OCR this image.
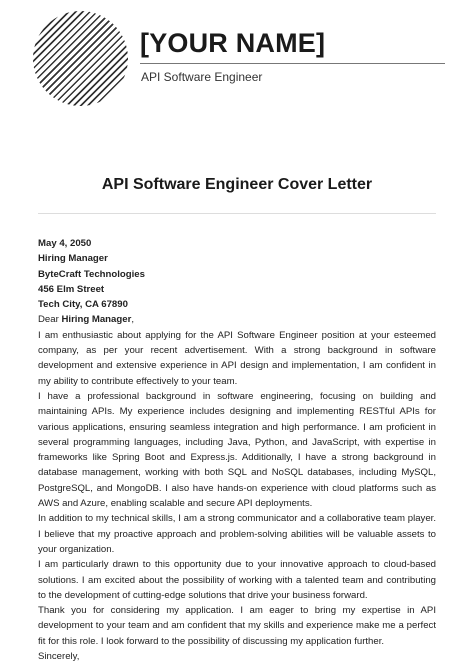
[YOUR NAME]
API Software Engineer
API Software Engineer Cover Letter
May 4, 2050
Hiring Manager
ByteCraft Technologies
456 Elm Street
Tech City, CA 67890
Dear Hiring Manager,
I am enthusiastic about applying for the API Software Engineer position at your esteemed company, as per your recent advertisement. With a strong background in software development and extensive experience in API design and implementation, I am confident in my ability to contribute effectively to your team.
I have a professional background in software engineering, focusing on building and maintaining APIs. My experience includes designing and implementing RESTful APIs for various applications, ensuring seamless integration and high performance. I am proficient in several programming languages, including Java, Python, and JavaScript, with expertise in frameworks like Spring Boot and Express.js. Additionally, I have a strong background in database management, working with both SQL and NoSQL databases, including MySQL, PostgreSQL, and MongoDB. I also have hands-on experience with cloud platforms such as AWS and Azure, enabling scalable and secure API deployments.
In addition to my technical skills, I am a strong communicator and a collaborative team player. I believe that my proactive approach and problem-solving abilities will be valuable assets to your organization.
I am particularly drawn to this opportunity due to your innovative approach to cloud-based solutions. I am excited about the possibility of working with a talented team and contributing to the development of cutting-edge solutions that drive your business forward.
Thank you for considering my application. I am eager to bring my expertise in API development to your team and am confident that my skills and experience make me a perfect fit for this role. I look forward to the possibility of discussing my application further.
Sincerely,
